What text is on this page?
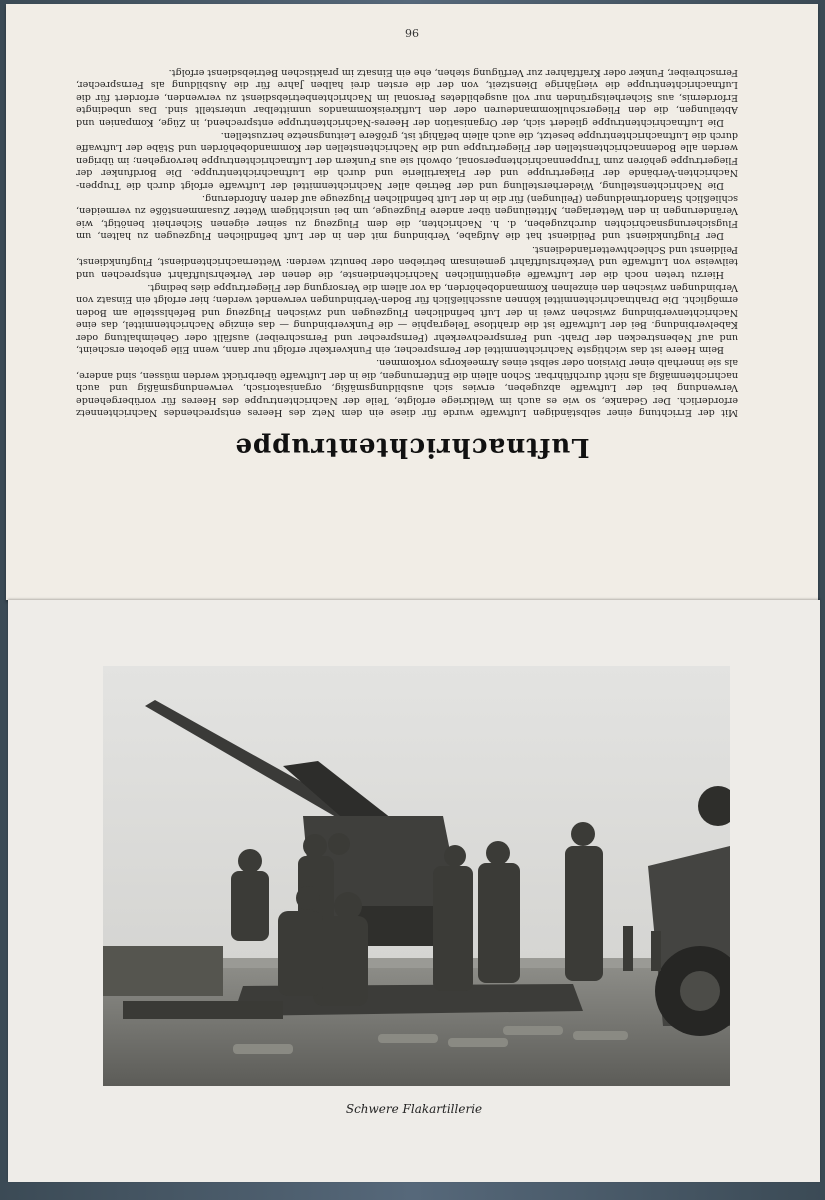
Luftnachrichtentruppe

Mit der Errichtung einer selbständigen Luftwaffe wurde für diese ein dem Netz des Heeres entsprechendes Nachrichtennetz erforderlich. Der Gedanke, so wie es auch im Weltkriege erfolgte, Teile der Nachrichtentruppe des Heeres für vorübergehende Verwendung bei der Luftwaffe abzugeben, erwies sich ausbildungsmäßig, organisatorisch, verwendungsmäßig und auch nachrichtenmäßig als nicht durchführbar. Schon allein die Entfernungen, die in der Luftwaffe überbrückt werden müssen, sind andere, als sie innerhalb einer Division oder selbst eines Armeekorps vorkommen.

Beim Heere ist das wichtigste Nachrichtenmittel der Fernsprecher, ein Funkverkehr erfolgt nur dann, wenn Eile geboten erscheint, und auf Nebenstrecken der Draht- und Fernsprechverkehr (Fernsprecher und Fernschreiber) ausfällt oder Geheimhaltung oder Kabelverbindung. Bei der Luftwaffe ist die drahtlose Telegraphie — die Funkverbindung — das einzige Nachrichtenmittel, das eine Nachrichtenverbindung zwischen zwei in der Luft befindlichen Flugzeugen und zwischen Flugzeug und Befehlsstelle am Boden ermöglicht. Die Drahtnachrichtenmittel können ausschließlich für Boden-Verbindungen verwendet werden; hier erfolgt ein Einsatz von Verbindungen zwischen den einzelnen Kommandobehörden, da vor allem die Versorgung der Fliegertruppe dies bedingt.

Hierzu treten noch die der Luftwaffe eigentümlichen Nachrichtendienste, die denen der Verkehrsluftfahrt entsprechen und teilweise von Luftwaffe und Verkehrsluftfahrt gemeinsam betrieben oder benutzt werden: Wetternachrichtendienst, Flugfunkdienst, Peildienst und Schlechtwetterlandedienst.

Der Flugfunkdienst und Peildienst hat die Aufgabe, Verbindung mit den in der Luft befindlichen Flugzeugen zu halten, um Flugsicherungsnachrichten durchzugeben, d. h. Nachrichten, die dem Flugzeug zu seiner eigenen Sicherheit benötigt, wie Veränderungen in den Wetterlagen, Mitteilungen über andere Flugzeuge, um bei unsichtigem Wetter Zusammenstöße zu vermeiden, schließlich Standortmeldungen (Peilungen) für die in der Luft befindlichen Flugzeuge auf deren Anforderung.

Die Nachrichtenstellung, Wiederherstellung und der Betrieb aller Nachrichtenmittel der Luftwaffe erfolgt durch die Truppen-Nachrichten-Verbände der Fliegertruppe und der Flakartillerie und durch die Luftnachrichtentruppe. Die Bordfunker der Fliegertruppe gehören zum Truppennachrichtenpersonal, obwohl sie aus Funkern der Luftnachrichtentruppe hervorgehen; im übrigen werden alle Bodennachrichtenstellen der Fliegertruppe und die Nachrichtenstellen der Kommandobehörden und Stäbe der Luftwaffe durch die Luftnachrichtentruppe besetzt, die auch allein befähigt ist, größere Leitungsnetze herzustellen.

Die Luftnachrichtentruppe gliedert sich, der Organisation der Heeres-Nachrichtentruppe entsprechend, in Züge, Kompanien und Abteilungen, die den Fliegerschulkommandeuren oder den Luftkreiskommandos unmittelbar unterstellt sind. Das unbedingte Erfordernis, aus Sicherheitsgründen nur voll ausgebildetes Personal im Nachrichtenbetriebsdienst zu verwenden, erfordert für die Luftnachrichtentruppe die vierjährige Dienstzeit, von der die ersten drei halben Jahre für die Ausbildung als Fernsprecher, Fernschreiber, Funker oder Kraftfahrer zur Verfügung stehen, ehe ein Einsatz im praktischen Betriebsdienst erfolgt.

96
Schwere Flakartillerie
